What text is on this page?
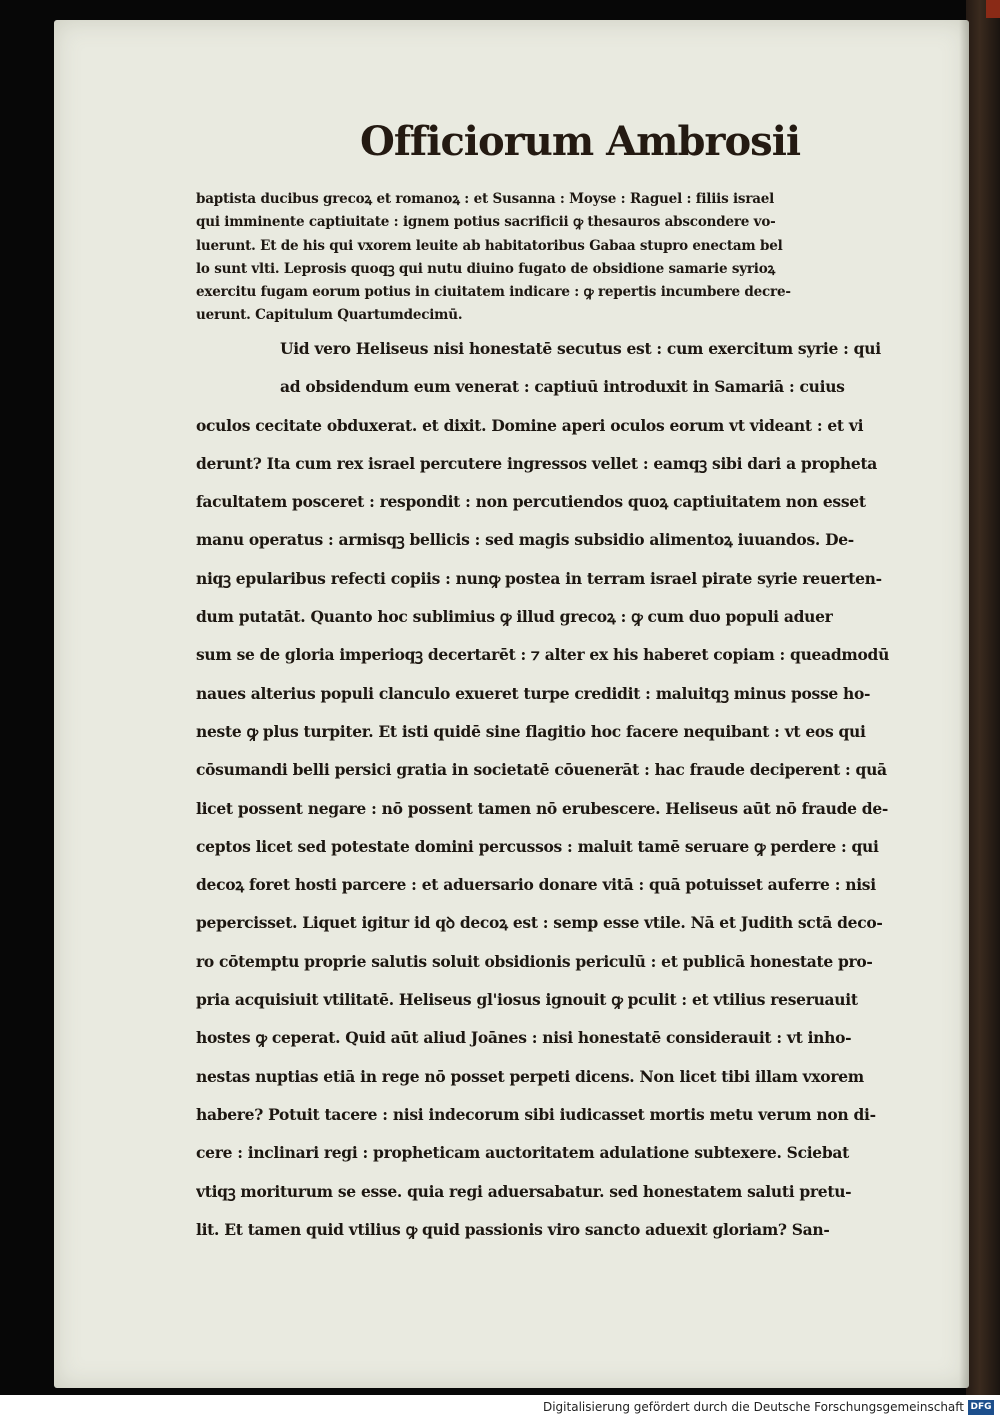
Officiorum Ambrosii
baptista ducibus grecoꝝ et romanoꝝ : et Susanna : Moyse : Raguel : filiis israel
qui imminente captiuitate : ignem potius sacrificii ꝙ thesauros abscondere vo-
luerunt. Et de his qui vxorem leuite ab habitatoribus Gabaa stupro enectam bel
lo sunt vlti. Leprosis quoqꝫ qui nutu diuino fugato de obsidione samarie syrioꝝ
exercitu fugam eorum potius in ciuitatem indicare : ꝙ repertis incumbere decre-
uerunt. Capitulum Quartumdecimū.
Uid vero Heliseus nisi honestatē secutus est : cum exercitum syrie : qui
ad obsidendum eum venerat : captiuū introduxit in Samariā : cuius
oculos cecitate obduxerat. et dixit. Domine aperi oculos eorum vt videant : et vi
derunt? Ita cum rex israel percutere ingressos vellet : eamqꝫ sibi dari a propheta
facultatem posceret : respondit : non percutiendos quoꝝ captiuitatem non esset
manu operatus : armisqꝫ bellicis : sed magis subsidio alimentoꝝ iuuandos. De-
niqꝫ epularibus refecti copiis : nunꝙ postea in terram israel pirate syrie reuerten-
dum putatāt. Quanto hoc sublimius ꝙ illud grecoꝝ : ꝙ cum duo populi aduer
sum se de gloria imperioqꝫ decertarēt : ⁊ alter ex his haberet copiam : queadmodū
naues alterius populi clanculo exueret turpe credidit : maluitqꝫ minus posse ho-
neste ꝙ plus turpiter. Et isti quidē sine flagitio hoc facere nequibant : vt eos qui
cōsumandi belli persici gratia in societatē cōuenerāt : hac fraude deciperent : quā
licet possent negare : nō possent tamen nō erubescere. Heliseus aūt nō fraude de-
ceptos licet sed potestate domini percussos : maluit tamē seruare ꝙ perdere : qui
decoꝝ foret hosti parcere : et aduersario donare vitā : quā potuisset auferre : nisi
pepercisset. Liquet igitur id qꝺ decoꝝ est : semp esse vtile. Nā et Judith sctā deco-
ro cōtemptu proprie salutis soluit obsidionis periculū : et publicā honestate pro-
pria acquisiuit vtilitatē. Heliseus gl'iosus ignouit ꝙ pculit : et vtilius reseruauit
hostes ꝙ ceperat. Quid aūt aliud Joānes : nisi honestatē considerauit : vt inho-
nestas nuptias etiā in rege nō posset perpeti dicens. Non licet tibi illam vxorem
habere? Potuit tacere : nisi indecorum sibi iudicasset mortis metu verum non di-
cere : inclinari regi : propheticam auctoritatem adulatione subtexere. Sciebat
vtiqꝫ moriturum se esse. quia regi aduersabatur. sed honestatem saluti pretu-
lit. Et tamen quid vtilius ꝙ quid passionis viro sancto aduexit gloriam? San-
Digitalisierung gefördert durch die Deutsche Forschungsgemeinschaft DFG
